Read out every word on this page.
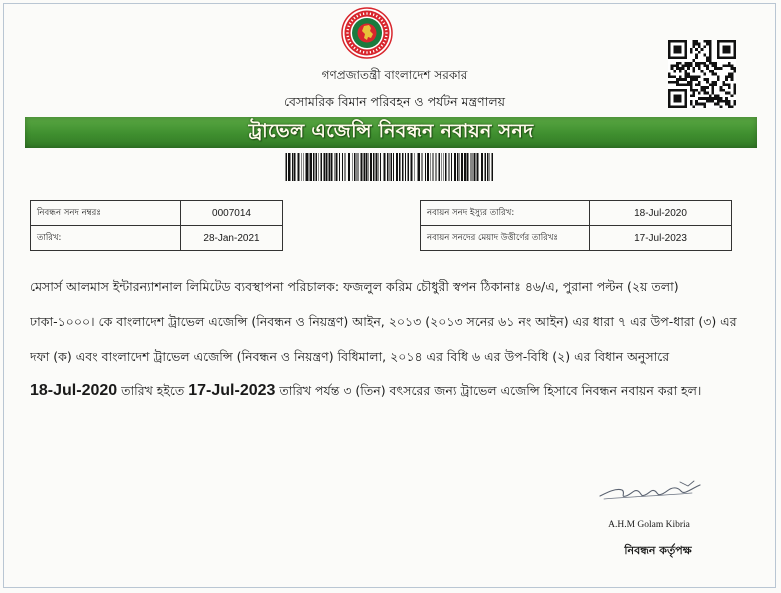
গণপ্রজাতন্ত্রী বাংলাদেশ সরকার
বেসামরিক বিমান পরিবহন ও পর্যটন মন্ত্রণালয়
ট্রাভেল এজেন্সি নিবন্ধন নবায়ন সনদ
নিবন্ধন সনদ নম্বরঃ	0007014
তারিখ:	28-Jan-2021
নবায়ন সনদ ইস্যুর তারিখ:	18-Jul-2020
নবায়ন সনদের মেয়াদ উত্তীর্ণের তারিখঃ	17-Jul-2023
মেসার্স আলমাস ইন্টারন্যাশনাল লিমিটেড ব্যবস্থাপনা পরিচালক: ফজলুল করিম চৌধুরী স্বপন ঠিকানাঃ ৪৬/এ, পুরানা পল্টন (২য় তলা)
ঢাকা-১০০০। কে বাংলাদেশ ট্রাভেল এজেন্সি (নিবন্ধন ও নিয়ন্ত্রণ) আইন, ২০১৩ (২০১৩ সনের ৬১ নং আইন) এর ধারা ৭ এর উপ-ধারা (৩) এর
দফা (ক) এবং বাংলাদেশ ট্রাভেল এজেন্সি (নিবন্ধন ও নিয়ন্ত্রণ) বিধিমালা, ২০১৪ এর বিধি ৬ এর উপ-বিধি (২) এর বিধান অনুসারে
18-Jul-2020 তারিখ হইতে 17-Jul-2023 তারিখ পর্যন্ত ৩ (তিন) বৎসরের জন্য ট্রাভেল এজেন্সি হিসাবে নিবন্ধন নবায়ন করা হল।
A.H.M Golam Kibria
নিবন্ধন কর্তৃপক্ষ
